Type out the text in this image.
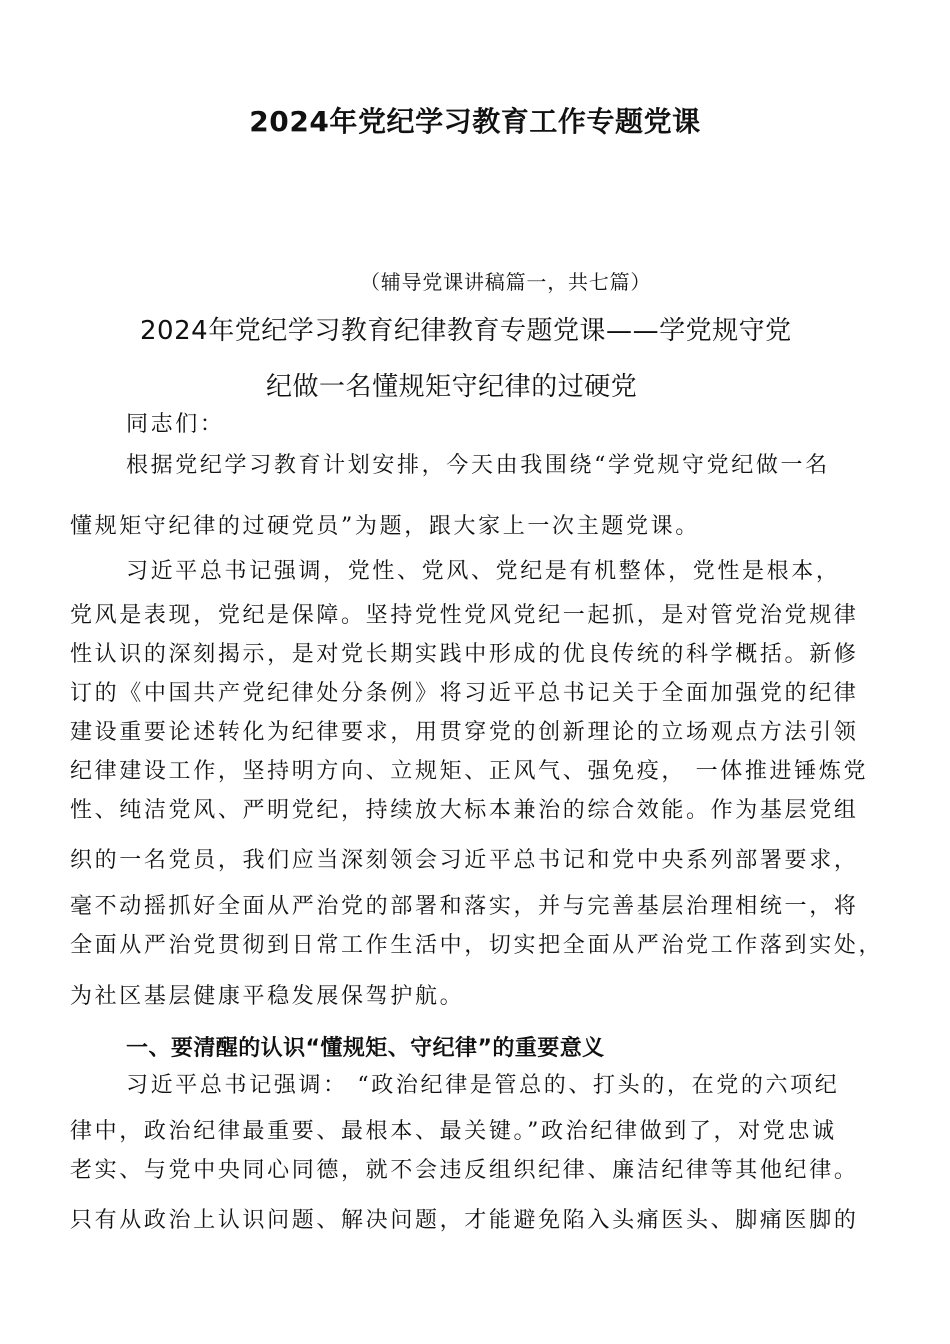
2024年党纪学习教育工作专题党课
（辅导党课讲稿篇一，共七篇）
2024年党纪学习教育纪律教育专题党课——学党规守党
纪做一名懂规矩守纪律的过硬党
同志们：
根据党纪学习教育计划安排，今天由我围绕“学党规守党纪做一名
懂规矩守纪律的过硬党员”为题，跟大家上一次主题党课。
习近平总书记强调，党性、党风、党纪是有机整体，党性是根本，
党风是表现，党纪是保障。坚持党性党风党纪一起抓，是对管党治党规律
性认识的深刻揭示，是对党长期实践中形成的优良传统的科学概括。新修
订的《中国共产党纪律处分条例》将习近平总书记关于全面加强党的纪律
建设重要论述转化为纪律要求，用贯穿党的创新理论的立场观点方法引领
纪律建设工作，坚持明方向、立规矩、正风气、强免疫， 一体推进锤炼党
性、纯洁党风、严明党纪，持续放大标本兼治的综合效能。作为基层党组
织的一名党员，我们应当深刻领会习近平总书记和党中央系列部署要求，
毫不动摇抓好全面从严治党的部署和落实，并与完善基层治理相统一，将
全面从严治党贯彻到日常工作生活中，切实把全面从严治党工作落到实处，
为社区基层健康平稳发展保驾护航。
一、要清醒的认识“懂规矩、守纪律”的重要意义
习近平总书记强调： “政治纪律是管总的、打头的，在党的六项纪
律中，政治纪律最重要、最根本、最关键。”政治纪律做到了，对党忠诚
老实、与党中央同心同德，就不会违反组织纪律、廉洁纪律等其他纪律。
只有从政治上认识问题、解决问题，才能避免陷入头痛医头、脚痛医脚的
